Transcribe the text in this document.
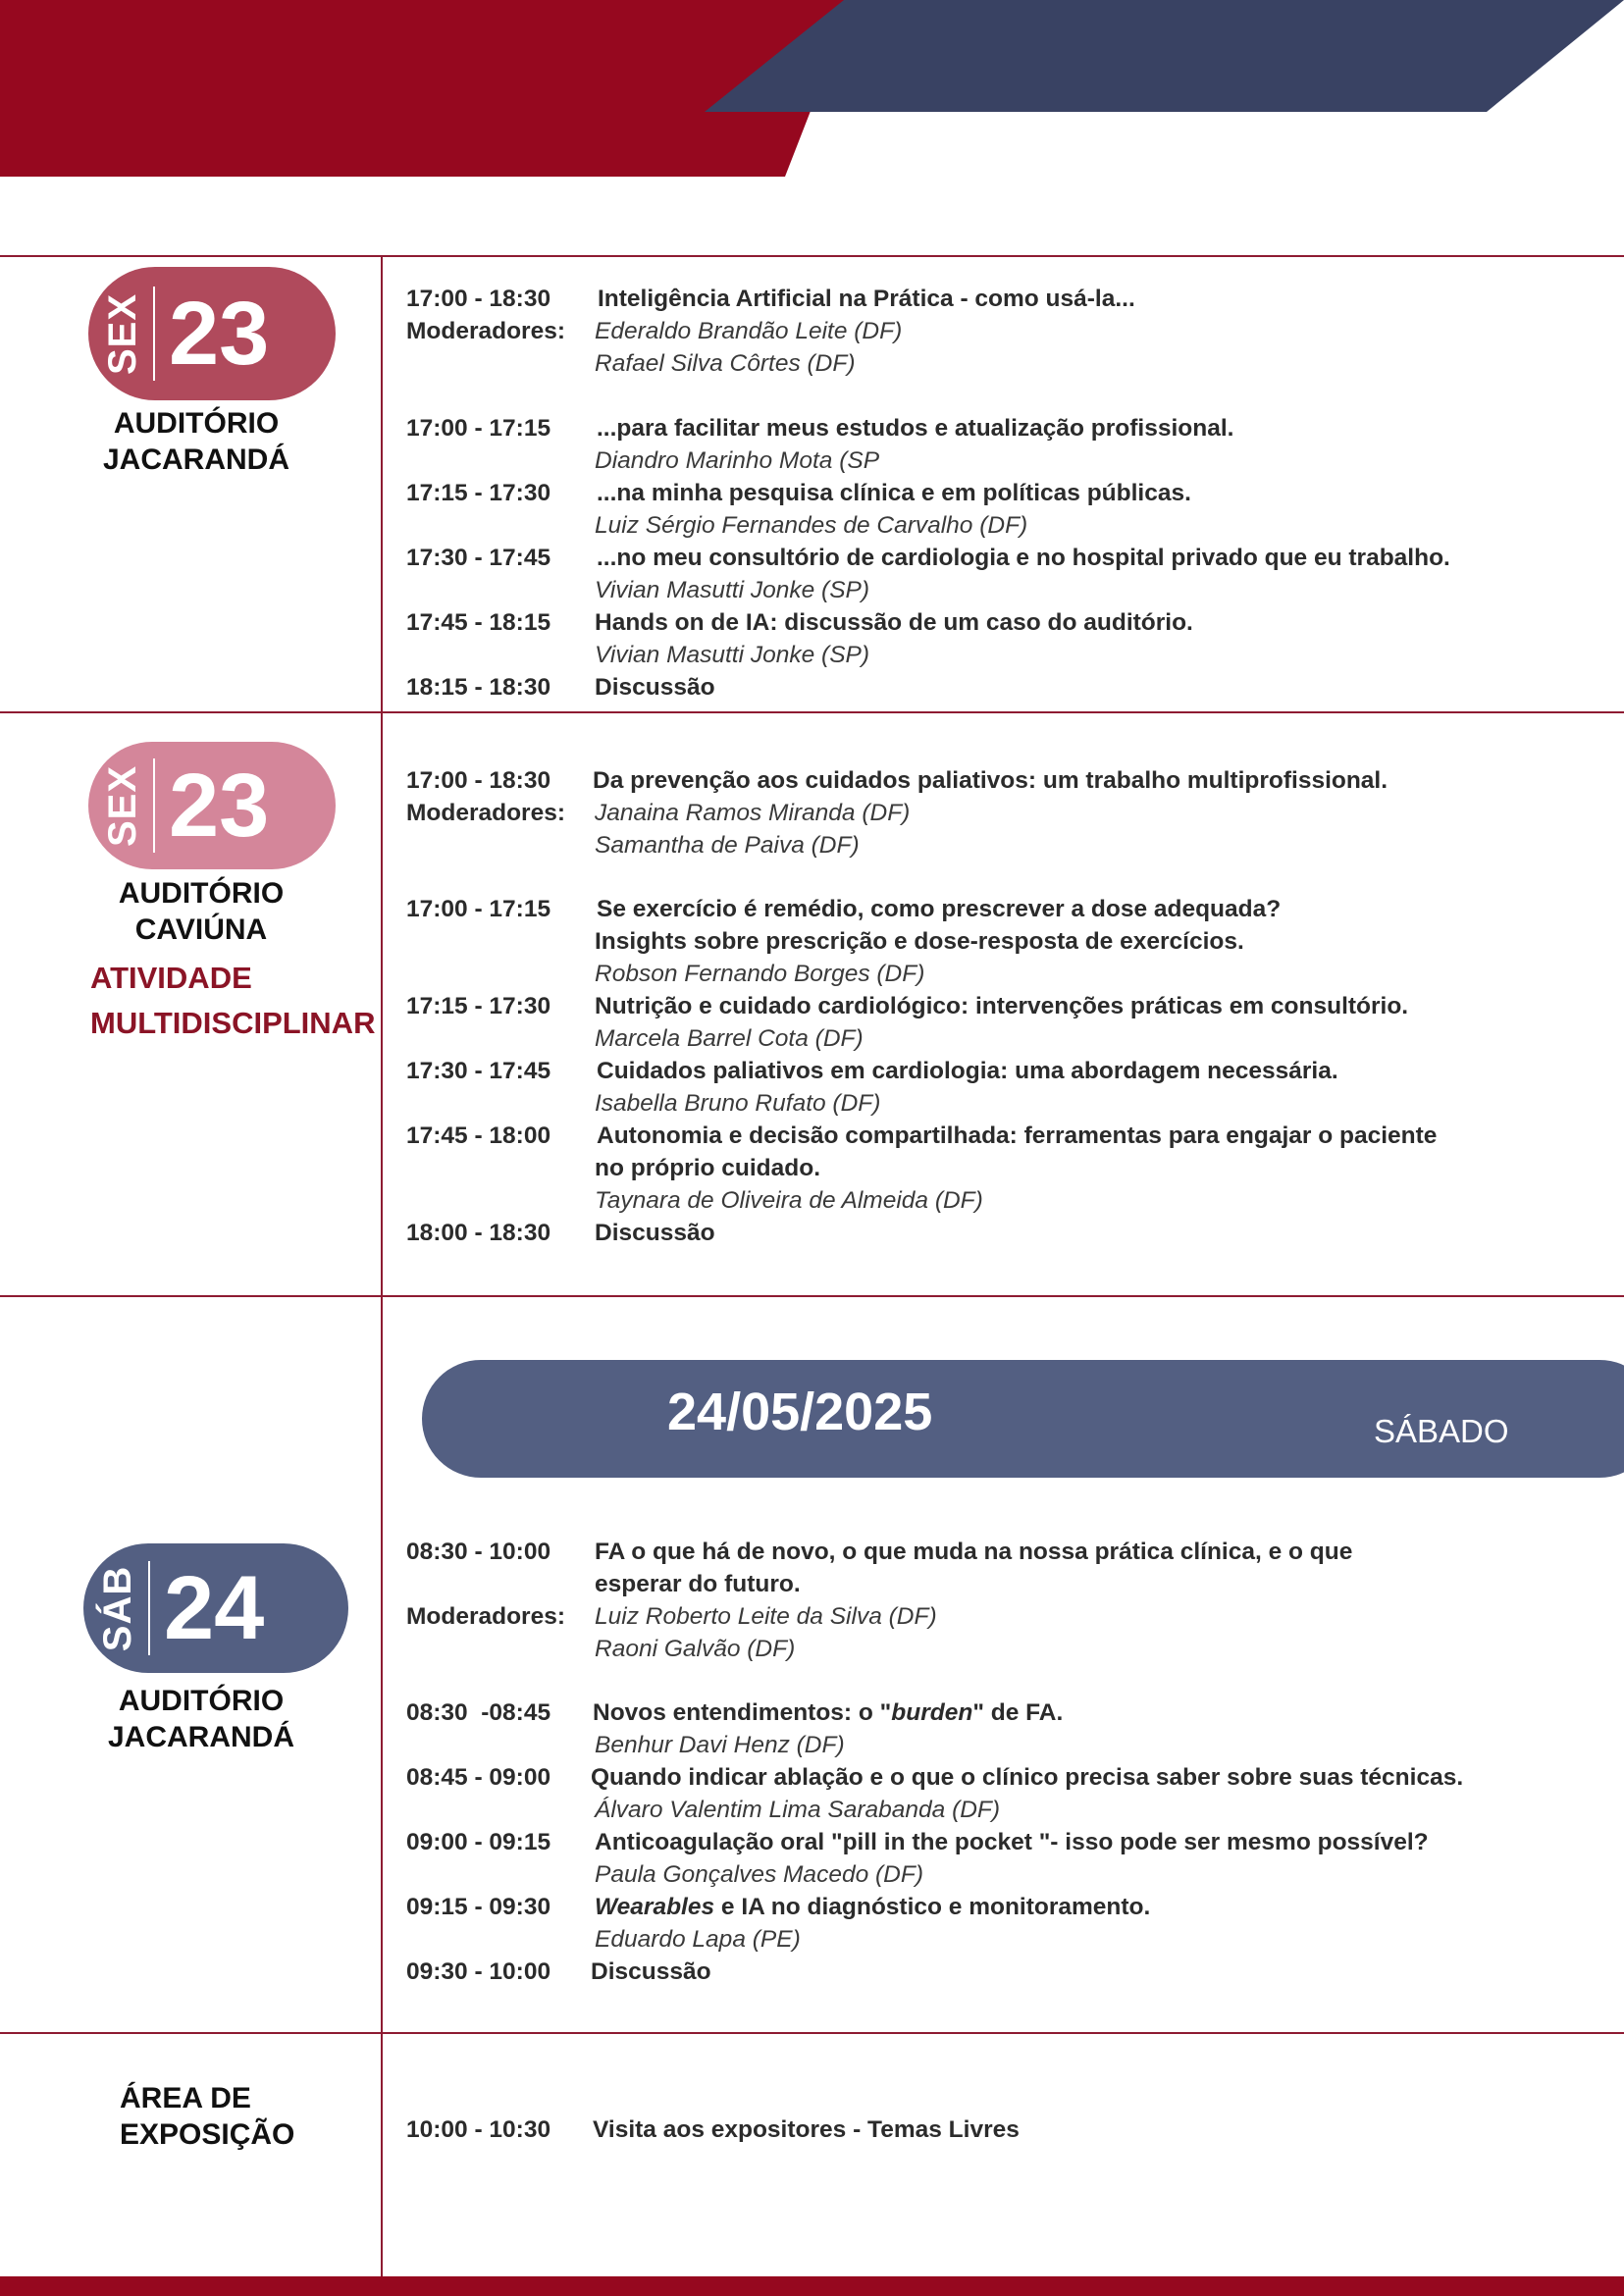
SEX 23
AUDITÓRIO
JACARANDÁ
17:00 - 18:30 Inteligência Artificial na Prática - como usá-la...
Moderadores: Ederaldo Brandão Leite (DF)
Rafael Silva Côrtes (DF)
17:00 - 17:15 ...para facilitar meus estudos e atualização profissional.
Diandro Marinho Mota (SP
17:15 - 17:30 ...na minha pesquisa clínica e em políticas públicas.
Luiz Sérgio Fernandes de Carvalho (DF)
17:30 - 17:45 ...no meu consultório de cardiologia e no hospital privado que eu trabalho.
Vivian Masutti Jonke (SP)
17:45 - 18:15 Hands on de IA: discussão de um caso do auditório.
Vivian Masutti Jonke (SP)
18:15 - 18:30 Discussão
SEX 23
AUDITÓRIO
CAVIÚNA
ATIVIDADE
MULTIDISCIPLINAR
17:00 - 18:30 Da prevenção aos cuidados paliativos: um trabalho multiprofissional.
Moderadores: Janaina Ramos Miranda (DF)
Samantha de Paiva (DF)
17:00 - 17:15 Se exercício é remédio, como prescrever a dose adequada?
Insights sobre prescrição e dose-resposta de exercícios.
Robson Fernando Borges (DF)
17:15 - 17:30 Nutrição e cuidado cardiológico: intervenções práticas em consultório.
Marcela Barrel Cota (DF)
17:30 - 17:45 Cuidados paliativos em cardiologia: uma abordagem necessária.
Isabella Bruno Rufato (DF)
17:45 - 18:00 Autonomia e decisão compartilhada: ferramentas para engajar o paciente
no próprio cuidado.
Taynara de Oliveira de Almeida (DF)
18:00 - 18:30 Discussão
24/05/2025	SÁBADO
SÁB 24
AUDITÓRIO
JACARANDÁ
08:30 - 10:00 FA o que há de novo, o que muda na nossa prática clínica, e o que
esperar do futuro.
Moderadores: Luiz Roberto Leite da Silva (DF)
Raoni Galvão (DF)
08:30  -08:45 Novos entendimentos: o "burden" de FA.
Benhur Davi Henz (DF)
08:45 - 09:00 Quando indicar ablação e o que o clínico precisa saber sobre suas técnicas.
Álvaro Valentim Lima Sarabanda (DF)
09:00 - 09:15 Anticoagulação oral "pill in the pocket "- isso pode ser mesmo possível?
Paula Gonçalves Macedo (DF)
09:15 - 09:30 Wearables e IA no diagnóstico e monitoramento.
Eduardo Lapa (PE)
09:30 - 10:00 Discussão
ÁREA DE
EXPOSIÇÃO	10:00 - 10:30 Visita aos expositores - Temas Livres
